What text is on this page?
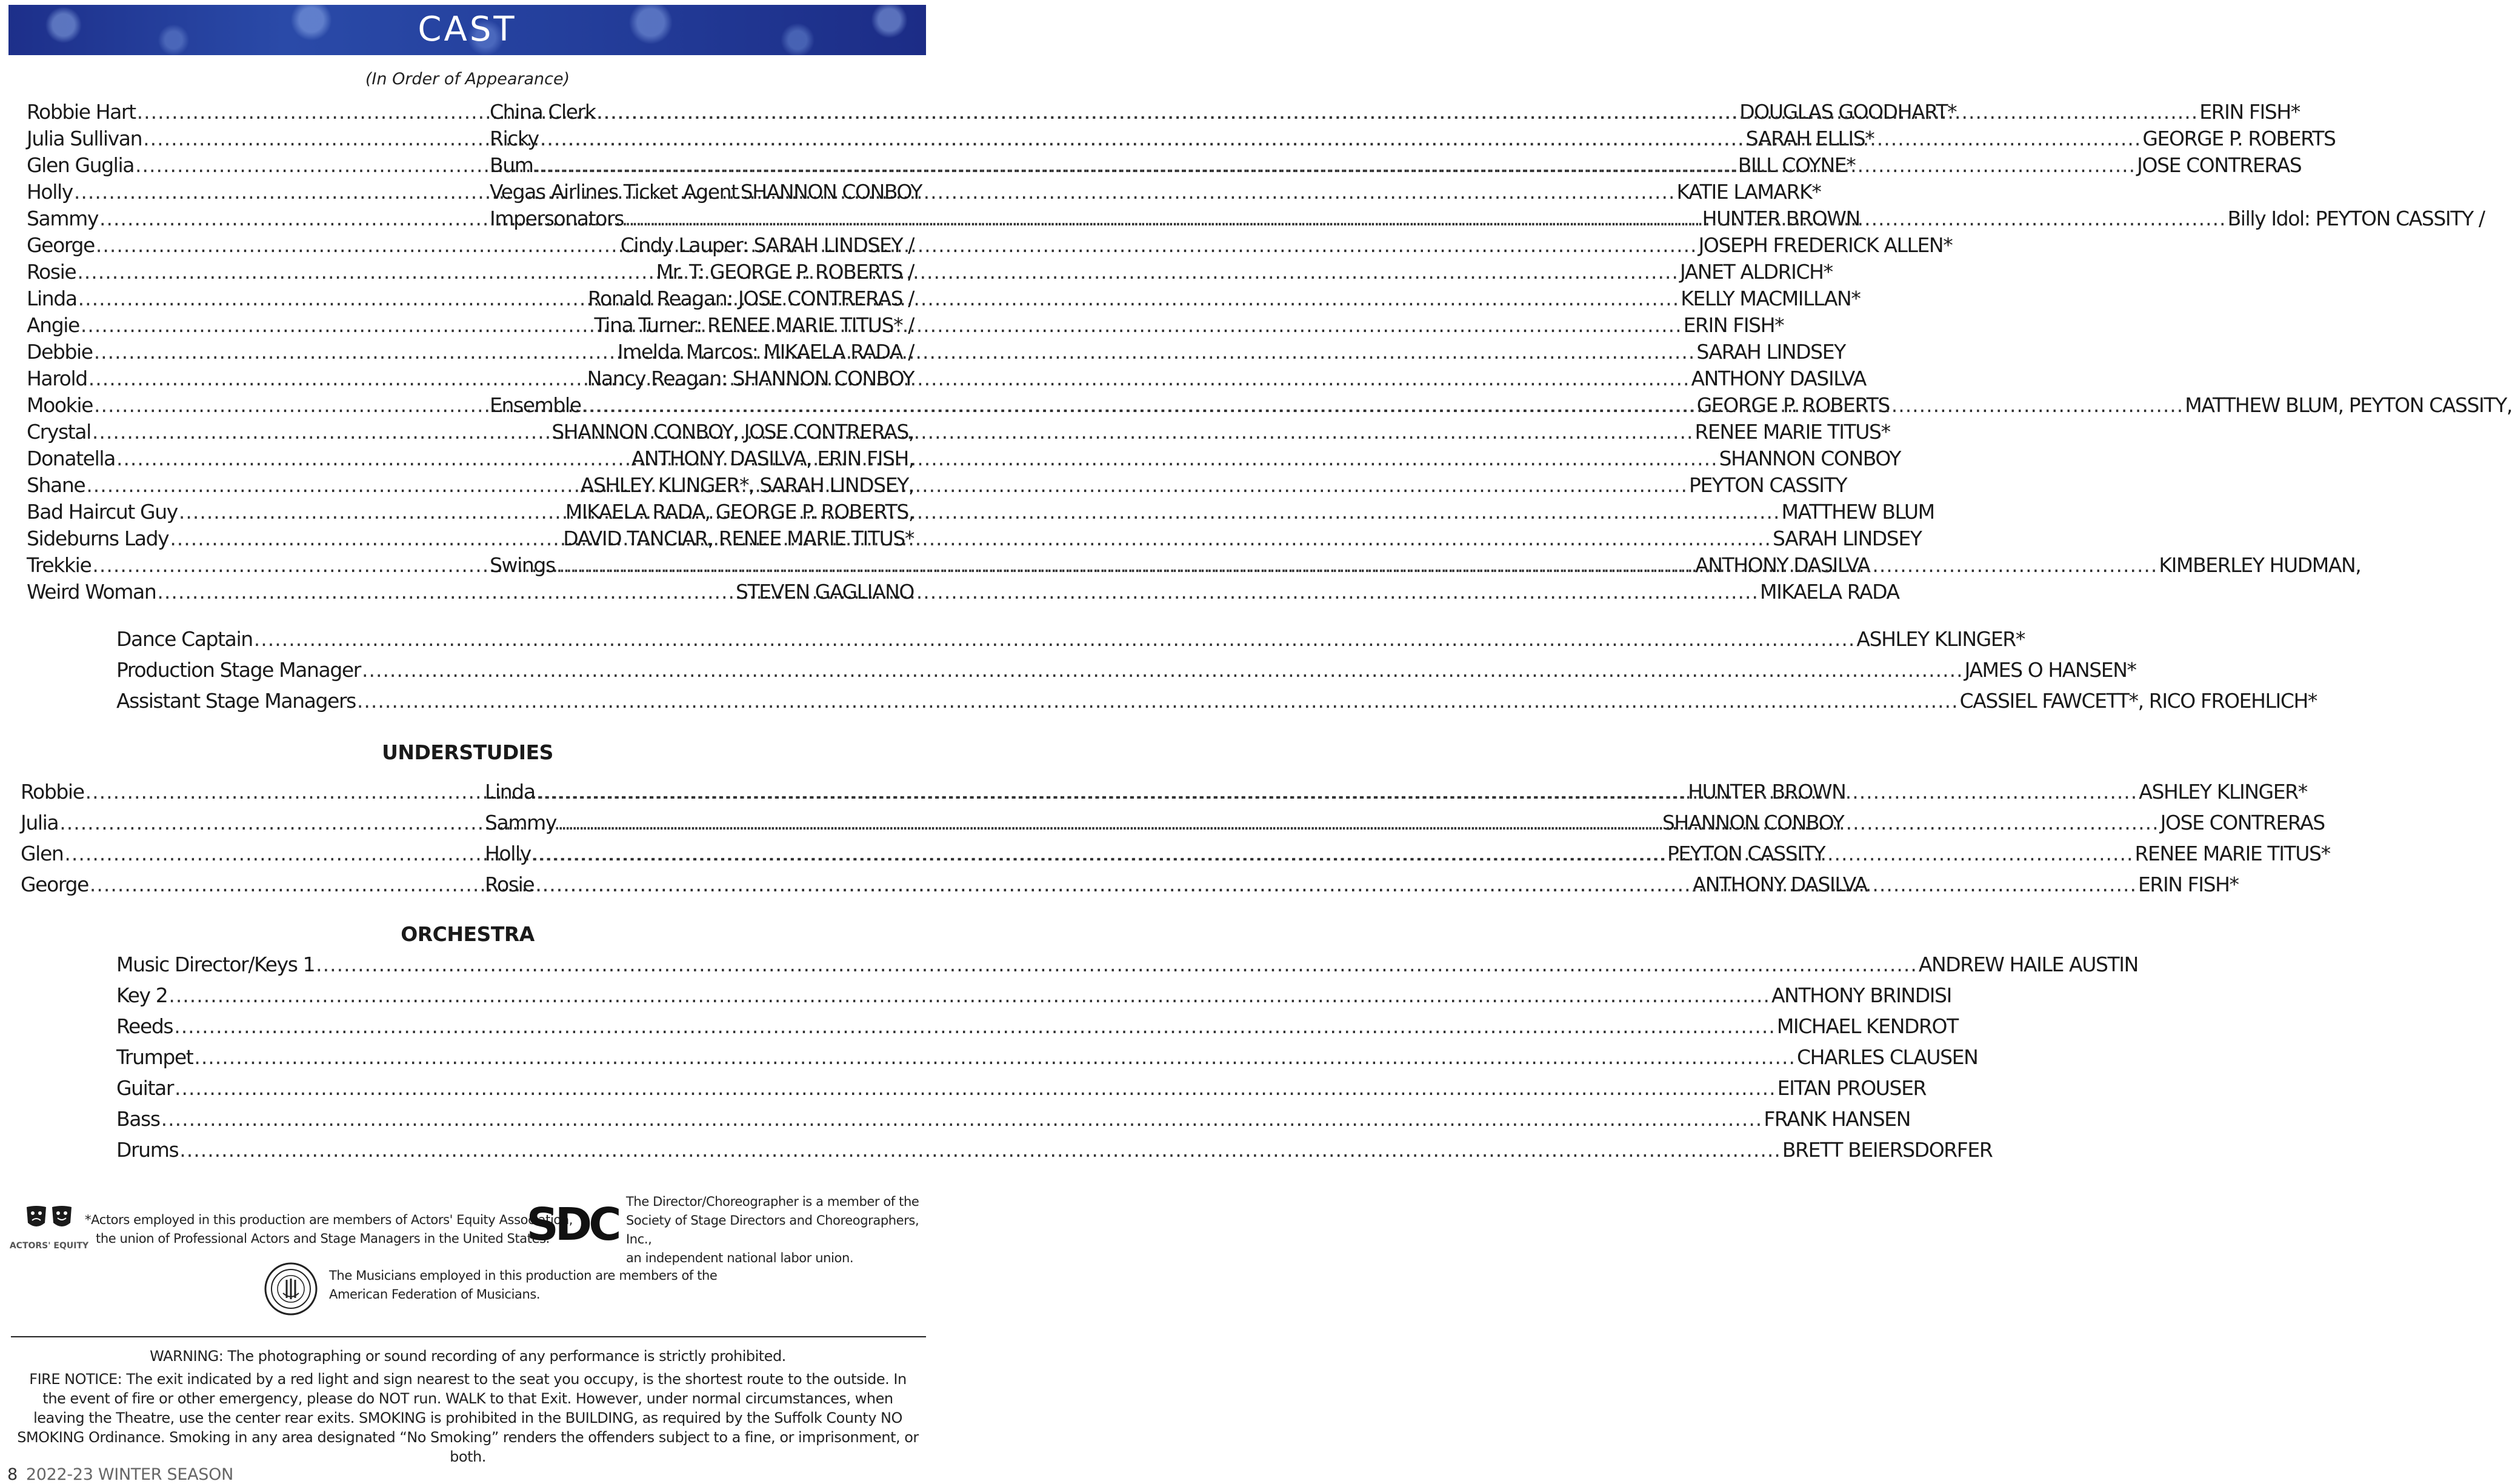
CAST
(In Order of Appearance)
Robbie Hart .....	DOUGLAS GOODHART*
Julia Sullivan .....	SARAH ELLIS*
Glen Guglia .....	BILL COYNE*
Holly .....	KATIE LAMARK*
Sammy .....	HUNTER BROWN
George .....	JOSEPH FREDERICK ALLEN*
Rosie .....	JANET ALDRICH*
Linda .....	KELLY MACMILLAN*
Angie .....	ERIN FISH*
Debbie .....	SARAH LINDSEY
Harold .....	ANTHONY DASILVA
Mookie .....	GEORGE P. ROBERTS
Crystal .....	RENEE MARIE TITUS*
Donatella .....	SHANNON CONBOY
Shane .....	PEYTON CASSITY
Bad Haircut Guy .....	MATTHEW BLUM
Sideburns Lady .....	SARAH LINDSEY
Trekkie .....	ANTHONY DASILVA
Weird Woman .....	MIKAELA RADA
China Clerk .....	ERIN FISH*
Ricky .....	GEORGE P. ROBERTS
Bum .....	JOSE CONTRERAS
Vegas Airlines Ticket Agent SHANNON CONBOY
Impersonators .....	Billy Idol: PEYTON CASSITY /
Cindy Lauper: SARAH LINDSEY /
Mr. T: GEORGE P. ROBERTS /
Ronald Reagan: JOSE CONTRERAS /
Tina Turner: RENEE MARIE TITUS* /
Imelda Marcos: MIKAELA RADA /
Nancy Reagan: SHANNON CONBOY
Ensemble .....	MATTHEW BLUM, PEYTON CASSITY,
SHANNON CONBOY, JOSE CONTRERAS,
ANTHONY DASILVA, ERIN FISH,
ASHLEY KLINGER*, SARAH LINDSEY,
MIKAELA RADA, GEORGE P. ROBERTS,
DAVID TANCIAR, RENEE MARIE TITUS*
Swings .....	KIMBERLEY HUDMAN,
STEVEN GAGLIANO
Dance Captain .....	ASHLEY KLINGER*
Production Stage Manager .....	JAMES O HANSEN*
Assistant Stage Managers .....	CASSIEL FAWCETT*, RICO FROEHLICH*
UNDERSTUDIES
Robbie .....	HUNTER BROWN
Julia .....	SHANNON CONBOY
Glen .....	PEYTON CASSITY
George .....	ANTHONY DASILVA
Linda .....	ASHLEY KLINGER*
Sammy .....	JOSE CONTRERAS
Holly .....	RENEE MARIE TITUS*
Rosie .....	ERIN FISH*
ORCHESTRA
Music Director/Keys 1 .....	ANDREW HAILE AUSTIN
Key 2 .....	ANTHONY BRINDISI
Reeds .....	MICHAEL KENDROT
Trumpet .....	CHARLES CLAUSEN
Guitar .....	EITAN PROUSER
Bass .....	FRANK HANSEN
Drums .....	BRETT BEIERSDORFER
ACTORS' EQUITY
*Actors employed in this production are members of Actors' Equity Association,
the union of Professional Actors and Stage Managers in the United States.
SDC The Director/Choreographer is a member of the
Society of Stage Directors and Choreographers, Inc.,
an independent national labor union.
The Musicians employed in this production are members of the
American Federation of Musicians.
WARNING: The photographing or sound recording of any performance is strictly prohibited.
FIRE NOTICE: The exit indicated by a red light and sign nearest to the seat you occupy, is the shortest route to the outside. In the event of fire or other emergency, please do NOT run. WALK to that Exit. However, under normal circumstances, when leaving the Theatre, use the center rear exits. SMOKING is prohibited in the BUILDING, as required by the Suffolk County NO SMOKING Ordinance. Smoking in any area designated “No Smoking” renders the offenders subject to a fine, or imprisonment, or both.
8 2022-23 WINTER SEASON
